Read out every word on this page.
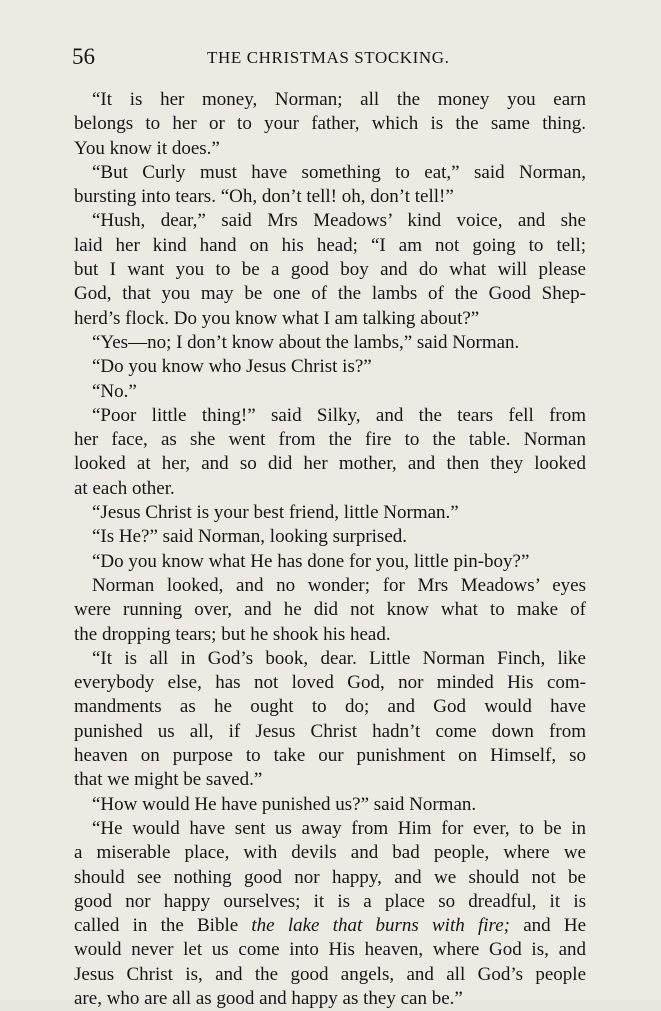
56	THE CHRISTMAS STOCKING.
“It is her money, Norman; all the money you earn
belongs to her or to your father, which is the same thing.
You know it does.”
“But Curly must have something to eat,” said Norman,
bursting into tears. “Oh, don’t tell! oh, don’t tell!”
“Hush, dear,” said Mrs Meadows’ kind voice, and she
laid her kind hand on his head; “I am not going to tell;
but I want you to be a good boy and do what will please
God, that you may be one of the lambs of the Good Shep-
herd’s flock. Do you know what I am talking about?”
“Yes—no; I don’t know about the lambs,” said Norman.
“Do you know who Jesus Christ is?”
“No.”
“Poor little thing!” said Silky, and the tears fell from
her face, as she went from the fire to the table. Norman
looked at her, and so did her mother, and then they looked
at each other.
“Jesus Christ is your best friend, little Norman.”
“Is He?” said Norman, looking surprised.
“Do you know what He has done for you, little pin-boy?”
Norman looked, and no wonder; for Mrs Meadows’ eyes
were running over, and he did not know what to make of
the dropping tears; but he shook his head.
“It is all in God’s book, dear. Little Norman Finch, like
everybody else, has not loved God, nor minded His com-
mandments as he ought to do; and God would have
punished us all, if Jesus Christ hadn’t come down from
heaven on purpose to take our punishment on Himself, so
that we might be saved.”
“How would He have punished us?” said Norman.
“He would have sent us away from Him for ever, to be in
a miserable place, with devils and bad people, where we
should see nothing good nor happy, and we should not be
good nor happy ourselves; it is a place so dreadful, it is
called in the Bible the lake that burns with fire; and He
would never let us come into His heaven, where God is, and
Jesus Christ is, and the good angels, and all God’s people
are, who are all as good and happy as they can be.”
